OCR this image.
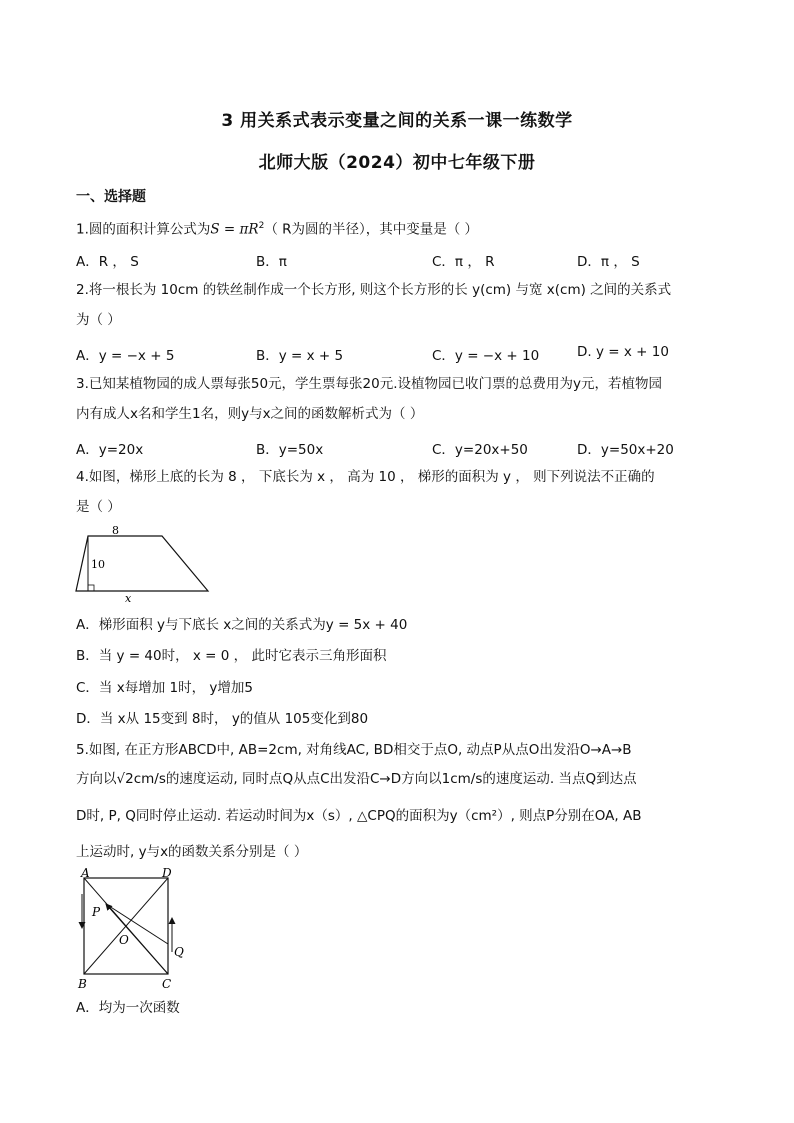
3 用关系式表示变量之间的关系一课一练数学
北师大版（2024）初中七年级下册
一、选择题
1.圆的面积计算公式为$S = \pi R^2$（ R为圆的半径），其中变量是（ ）
A．R ， S	B．π	C．π ， R	D．π ， S
2.将一根长为 10cm 的铁丝制作成一个长方形, 则这个长方形的长 y(cm) 与宽 x(cm) 之间的关系式
为（ ）
A．y = −x + 5	B．y = x + 5	C．y = −x + 10	D. y = x + 10
3.已知某植物园的成人票每张50元，学生票每张20元.设植物园已收门票的总费用为y元，若植物园
内有成人x名和学生1名，则y与x之间的函数解析式为（ ）
A．y=20x	B．y=50x	C．y=20x+50	D．y=50x+20
4.如图，梯形上底的长为 8 ， 下底长为 x ， 高为 10 ， 梯形的面积为 y ， 则下列说法不正确的
是（ ）
8
10
x
A．梯形面积 y与下底长 x之间的关系式为y = 5x + 40
B．当 y = 40时， x = 0 ， 此时它表示三角形面积
C．当 x每增加 1时， y增加5
D．当 x从 15变到 8时， y的值从 105变化到80
5.如图, 在正方形ABCD中, AB=2cm, 对角线AC, BD相交于点O, 动点P从点O出发沿O→A→B
方向以√2cm/s的速度运动, 同时点Q从点C出发沿C→D方向以1cm/s的速度运动. 当点Q到达点
D时, P, Q同时停止运动. 若运动时间为x（s）, △CPQ的面积为y（cm²）, 则点P分别在OA, AB
上运动时, y与x的函数关系分别是（ ）
A	D
B	C
O
P
Q
A．均为一次函数
